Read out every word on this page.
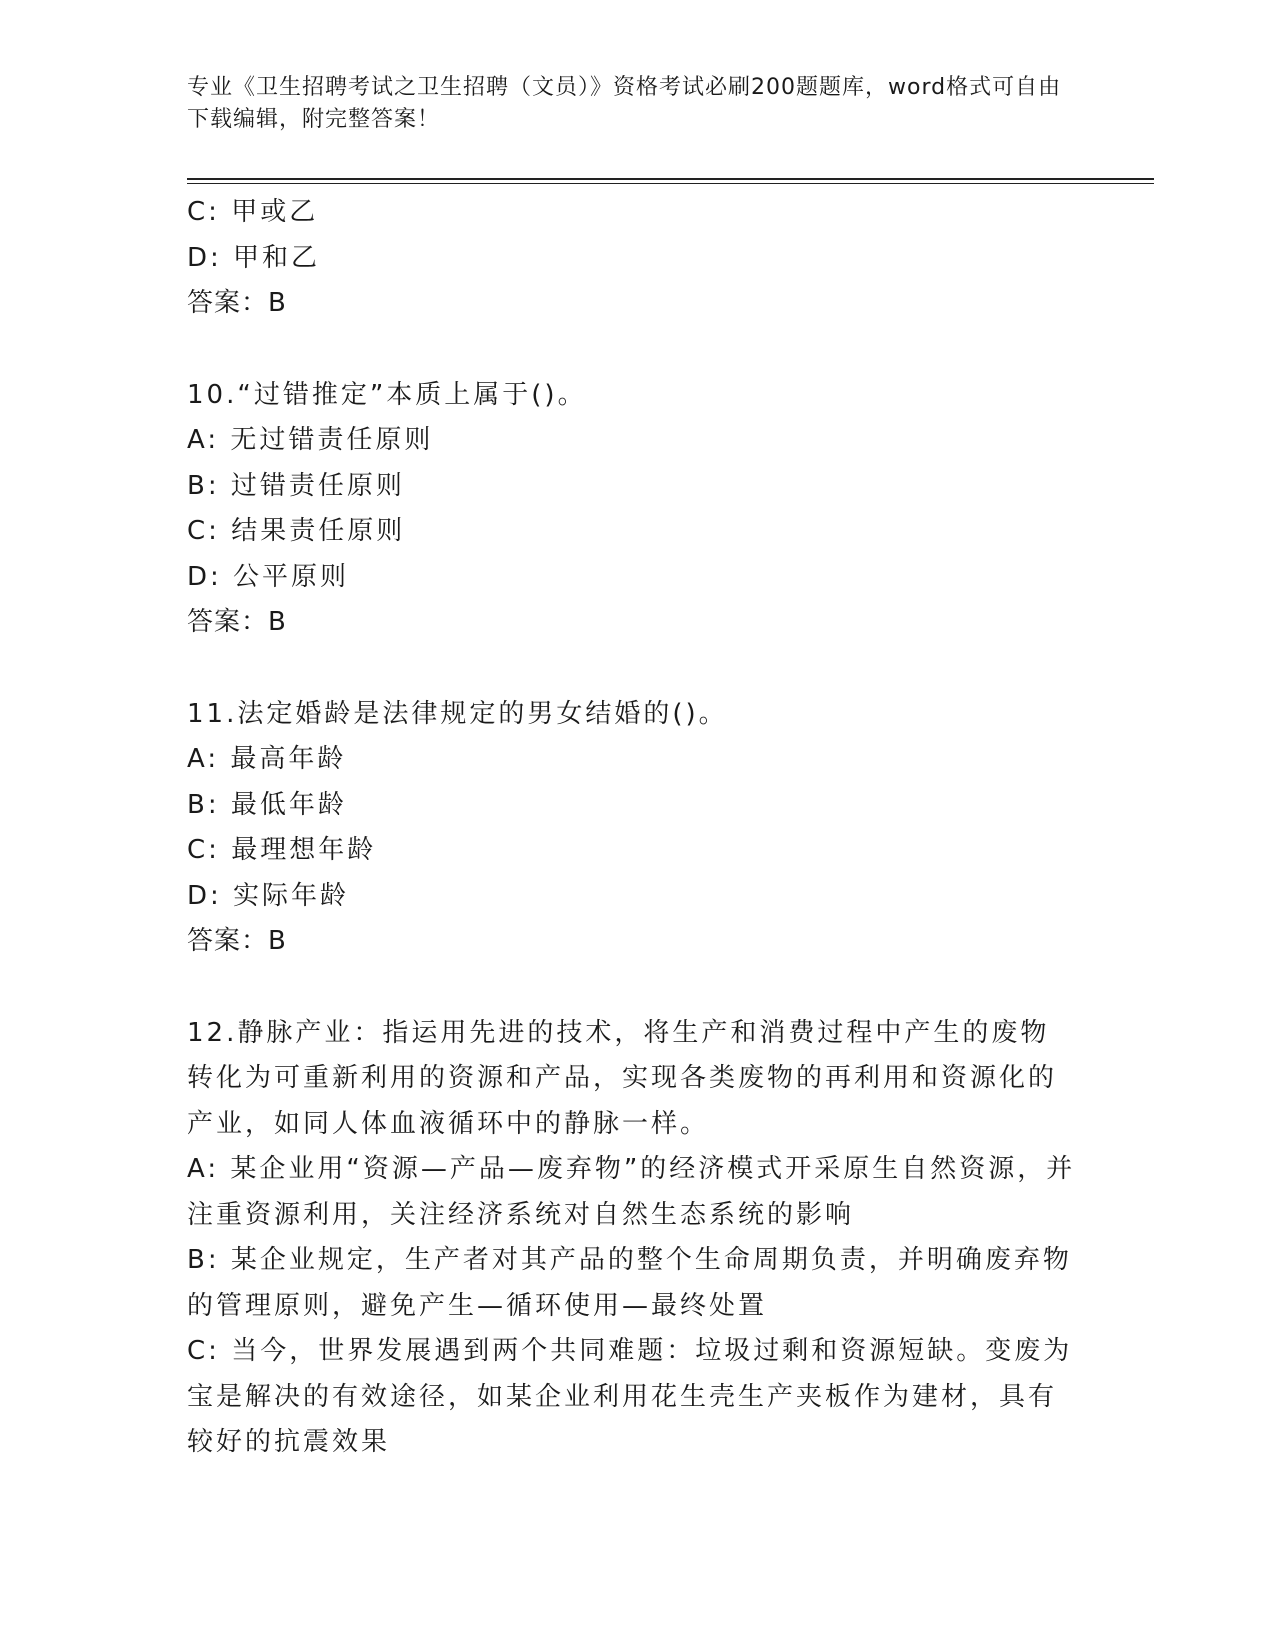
专业《卫生招聘考试之卫生招聘（文员）》资格考试必刷200题题库，word格式可自由下载编辑，附完整答案！
C: 甲或乙
D: 甲和乙
答案：B
10.“过错推定”本质上属于()。
A: 无过错责任原则
B: 过错责任原则
C: 结果责任原则
D: 公平原则
答案：B
11.法定婚龄是法律规定的男女结婚的()。
A: 最高年龄
B: 最低年龄
C: 最理想年龄
D: 实际年龄
答案：B
12.静脉产业：指运用先进的技术，将生产和消费过程中产生的废物转化为可重新利用的资源和产品，实现各类废物的再利用和资源化的产业，如同人体血液循环中的静脉一样。
A: 某企业用“资源—产品—废弃物”的经济模式开采原生自然资源，并注重资源利用，关注经济系统对自然生态系统的影响
B: 某企业规定，生产者对其产品的整个生命周期负责，并明确废弃物的管理原则，避免产生—循环使用—最终处置
C: 当今，世界发展遇到两个共同难题：垃圾过剩和资源短缺。变废为宝是解决的有效途径，如某企业利用花生壳生产夹板作为建材，具有较好的抗震效果
